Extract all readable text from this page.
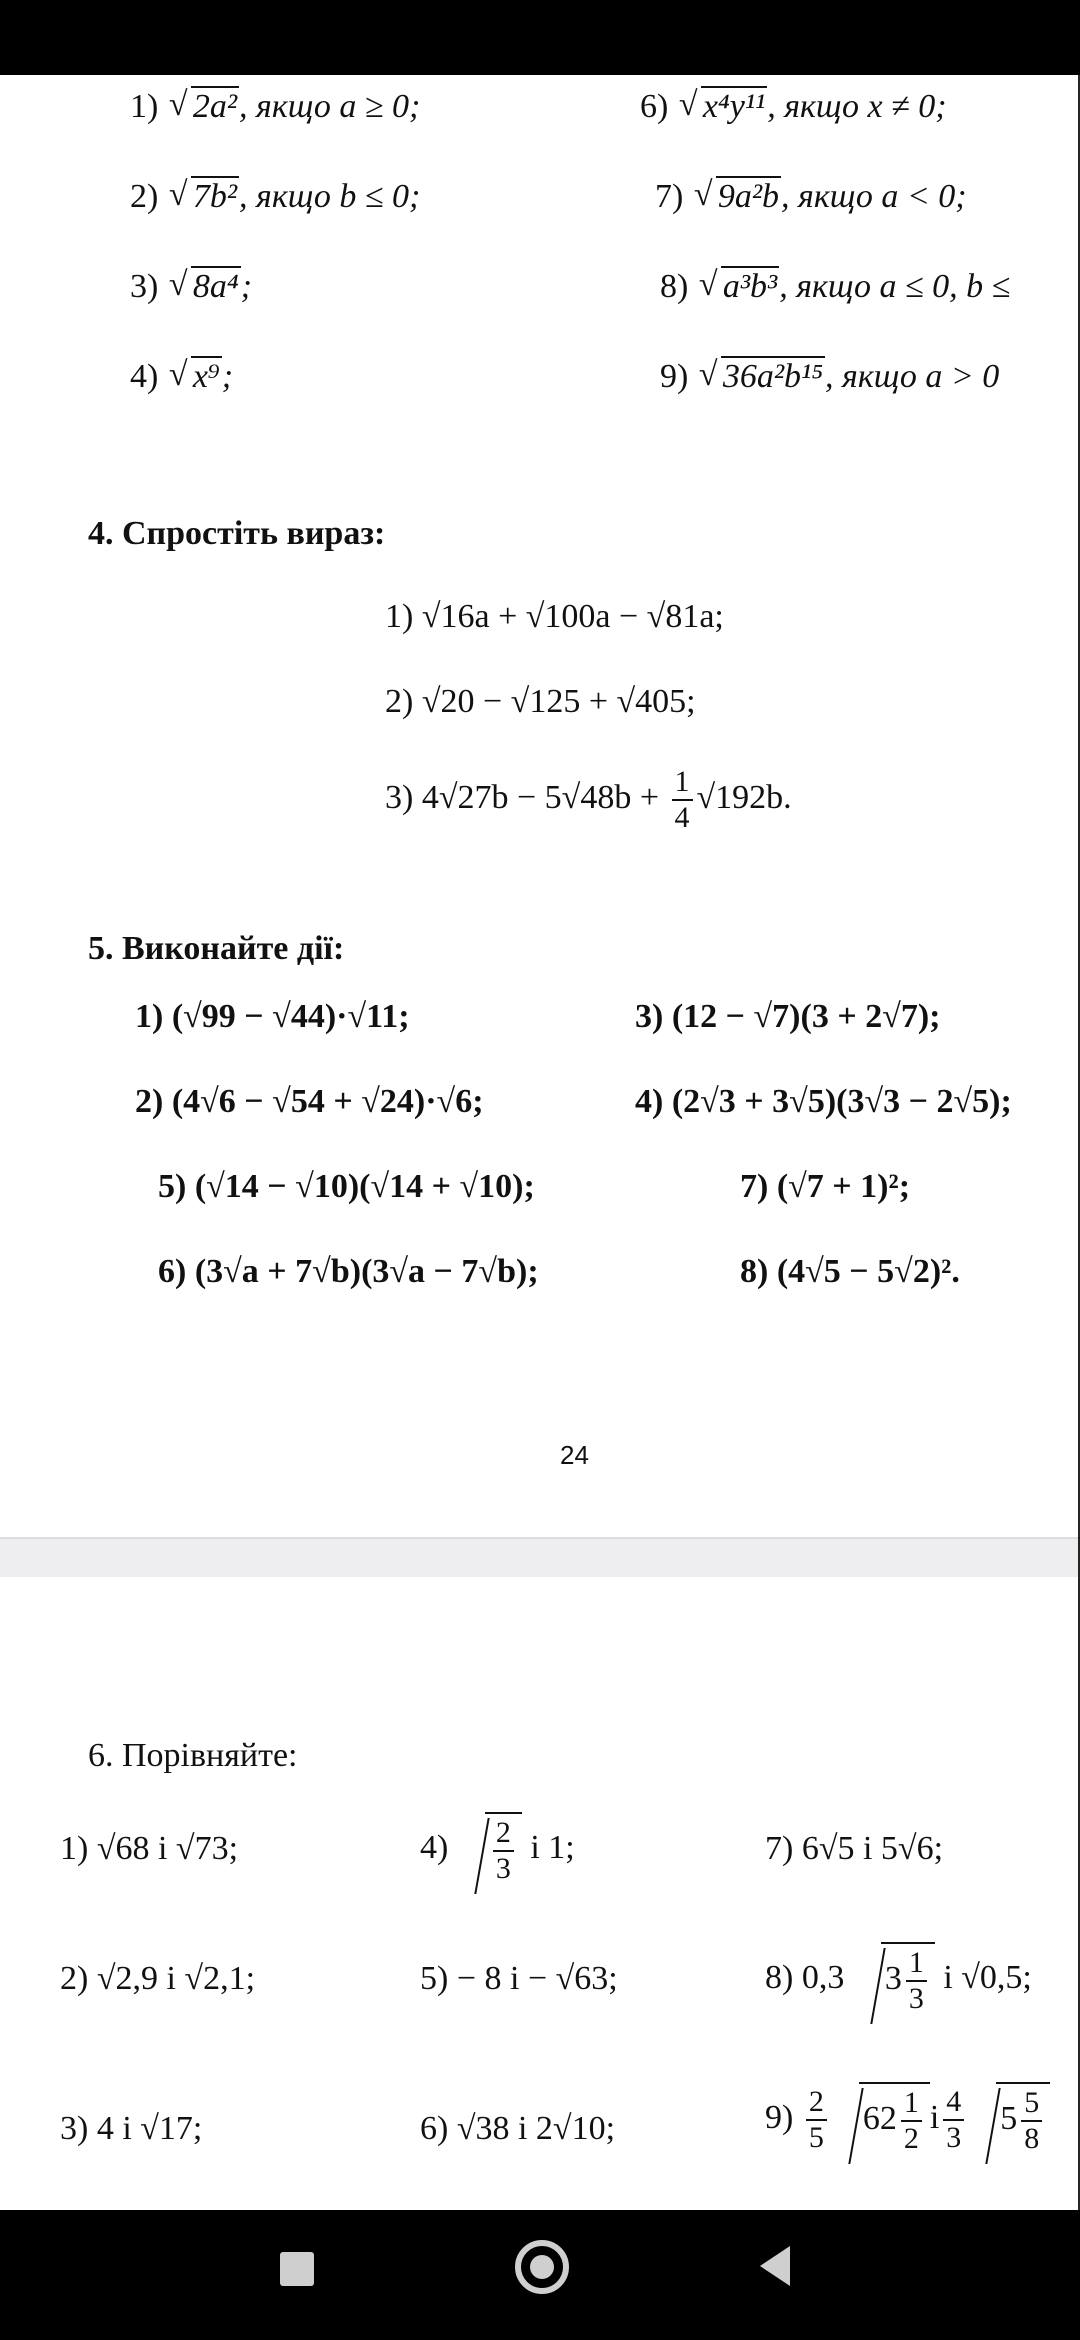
1) √ 2a², якщо a ≥ 0;	6) √ x⁴y¹¹, якщо x ≠ 0;
2) √ 7b², якщо b ≤ 0;	7) √ 9a²b, якщо a < 0;
3) √ 8a⁴;	8) √ a³b³, якщо a ≤ 0, b ≤
4) √ x⁹;	9) √ 36a²b¹⁵, якщо a > 0
4. Спростіть вираз:
1) √16a + √100a − √81a;
2) √20 − √125 + √405;
3) $4√27b - 5√48b + \frac{1}{4} √192b$.
5. Виконайте дії:
1) (√99 − √44)·√11;	3) (12 − √7)(3 + 2√7);
2) (4√6 − √54 + √24)·√6;	4) (2√3 + 3√5)(3√3 − 2√5);
5) (√14 − √10)(√14 + √10);	7) (√7 + 1)²;
6) (3√a + 7√b)(3√a − 7√b);	8) (4√5 − 5√2)².
24
6. Порівняйте:
1) √68 і √73;	$4) \frac{2}{3}$ і 1;	7) 6√5 і 5√6;
2) √2,9 і √2,1;	5) − 8 і − √63;	8) 0,3 $3 \frac{1}{3}$ і √0,5;
3) 4 і √17;	6) √38 і 2√10;	$9) \frac{2}{5} 62 \frac{1}{2}$ і $\frac{4}{3} 5 \frac{5}{8}$
